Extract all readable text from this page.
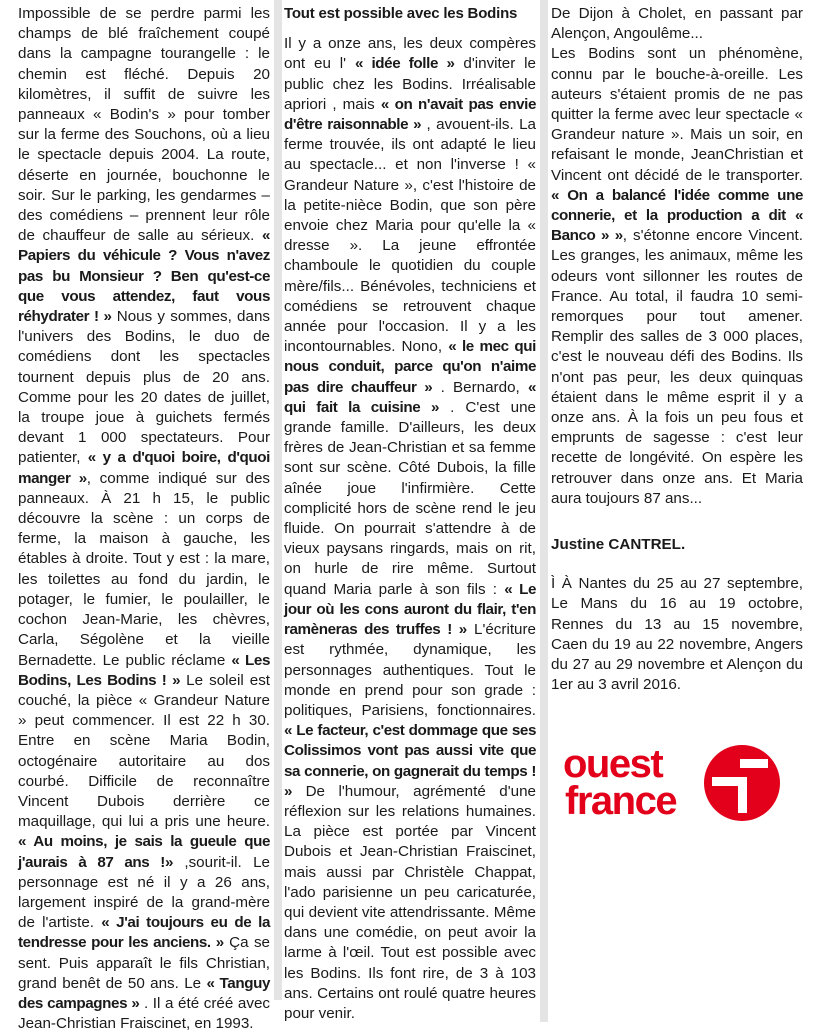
Impossible de se perdre parmi les champs de blé fraîchement coupé dans la campagne tourangelle : le chemin est fléché. Depuis 20 kilomètres, il suffit de suivre les panneaux « Bodin's » pour tomber sur la ferme des Souchons, où a lieu le spectacle depuis 2004. La route, déserte en journée, bouchonne le soir. Sur le parking, les gendarmes – des comédiens – prennent leur rôle de chauffeur de salle au sérieux. « Papiers du véhicule ? Vous n'avez pas bu Monsieur ? Ben qu'est-ce que vous attendez, faut vous réhydrater ! » Nous y sommes, dans l'univers des Bodins, le duo de comédiens dont les spectacles tournent depuis plus de 20 ans. Comme pour les 20 dates de juillet, la troupe joue à guichets fermés devant 1 000 spectateurs. Pour patienter, « y a d'quoi boire, d'quoi manger », comme indiqué sur des panneaux. À 21 h 15, le public découvre la scène : un corps de ferme, la maison à gauche, les étables à droite. Tout y est : la mare, les toilettes au fond du jardin, le potager, le fumier, le poulailler, le cochon Jean-Marie, les chèvres, Carla, Ségolène et la vieille Bernadette. Le public réclame « Les Bodins, Les Bodins ! » Le soleil est couché, la pièce « Grandeur Nature » peut commencer. Il est 22 h 30. Entre en scène Maria Bodin, octogénaire autoritaire au dos courbé. Difficile de reconnaître Vincent Dubois derrière ce maquillage, qui lui a pris une heure. « Au moins, je sais la gueule que j'aurais à 87 ans !» ,sourit-il. Le personnage est né il y a 26 ans, largement inspiré de la grand-mère de l'artiste. « J'ai toujours eu de la tendresse pour les anciens. » Ça se sent. Puis apparaît le fils Christian, grand benêt de 50 ans. Le « Tanguy des campagnes » . Il a été créé avec Jean-Christian Fraiscinet, en 1993.

Tout est possible avec les Bodins

Il y a onze ans, les deux compères ont eu l' « idée folle » d'inviter le public chez les Bodins. Irréalisable apriori , mais « on n'avait pas envie d'être raisonnable » , avouent-ils. La ferme trouvée, ils ont adapté le lieu au spectacle... et non l'inverse ! « Grandeur Nature », c'est l'histoire de la petite-nièce Bodin, que son père envoie chez Maria pour qu'elle la « dresse ». La jeune effrontée chamboule le quotidien du couple mère/fils... Bénévoles, techniciens et comédiens se retrouvent chaque année pour l'occasion. Il y a les incontournables. Nono, « le mec qui nous conduit, parce qu'on n'aime pas dire chauffeur » . Bernardo, « qui fait la cuisine » . C'est une grande famille. D'ailleurs, les deux frères de Jean-Christian et sa femme sont sur scène. Côté Dubois, la fille aînée joue l'infirmière. Cette complicité hors de scène rend le jeu fluide. On pourrait s'attendre à de vieux paysans ringards, mais on rit, on hurle de rire même. Surtout quand Maria parle à son fils : « Le jour où les cons auront du flair, t'en ramèneras des truffes ! » L'écriture est rythmée, dynamique, les personnages authentiques. Tout le monde en prend pour son grade : politiques, Parisiens, fonctionnaires. « Le facteur, c'est dommage que ses Colissimos vont pas aussi vite que sa connerie, on gagnerait du temps ! » De l'humour, agrémenté d'une réflexion sur les relations humaines. La pièce est portée par Vincent Dubois et Jean-Christian Fraiscinet, mais aussi par Christèle Chappat, l'ado parisienne un peu caricaturée, qui devient vite attendrissante. Même dans une comédie, on peut avoir la larme à l'œil. Tout est possible avec les Bodins. Ils font rire, de 3 à 103 ans. Certains ont roulé quatre heures pour venir.

De Dijon à Cholet, en passant par Alençon, Angoulême...

Les Bodins sont un phénomène, connu par le bouche-à-oreille. Les auteurs s'étaient promis de ne pas quitter la ferme avec leur spectacle « Grandeur nature ». Mais un soir, en refaisant le monde, JeanChristian et Vincent ont décidé de le transporter. « On a balancé l'idée comme une connerie, et la production a dit « Banco » », s'étonne encore Vincent. Les granges, les animaux, même les odeurs vont sillonner les routes de France. Au total, il faudra 10 semi-remorques pour tout amener. Remplir des salles de 3 000 places, c'est le nouveau défi des Bodins. Ils n'ont pas peur, les deux quinquas étaient dans le même esprit il y a onze ans. À la fois un peu fous et emprunts de sagesse : c'est leur recette de longévité. On espère les retrouver dans onze ans. Et Maria aura toujours 87 ans...

Justine CANTREL.

Ì À Nantes du 25 au 27 septembre, Le Mans du 16 au 19 octobre, Rennes du 13 au 15 novembre, Caen du 19 au 22 novembre, Angers du 27 au 29 novembre et Alençon du 1er au 3 avril 2016.

ouest
france
